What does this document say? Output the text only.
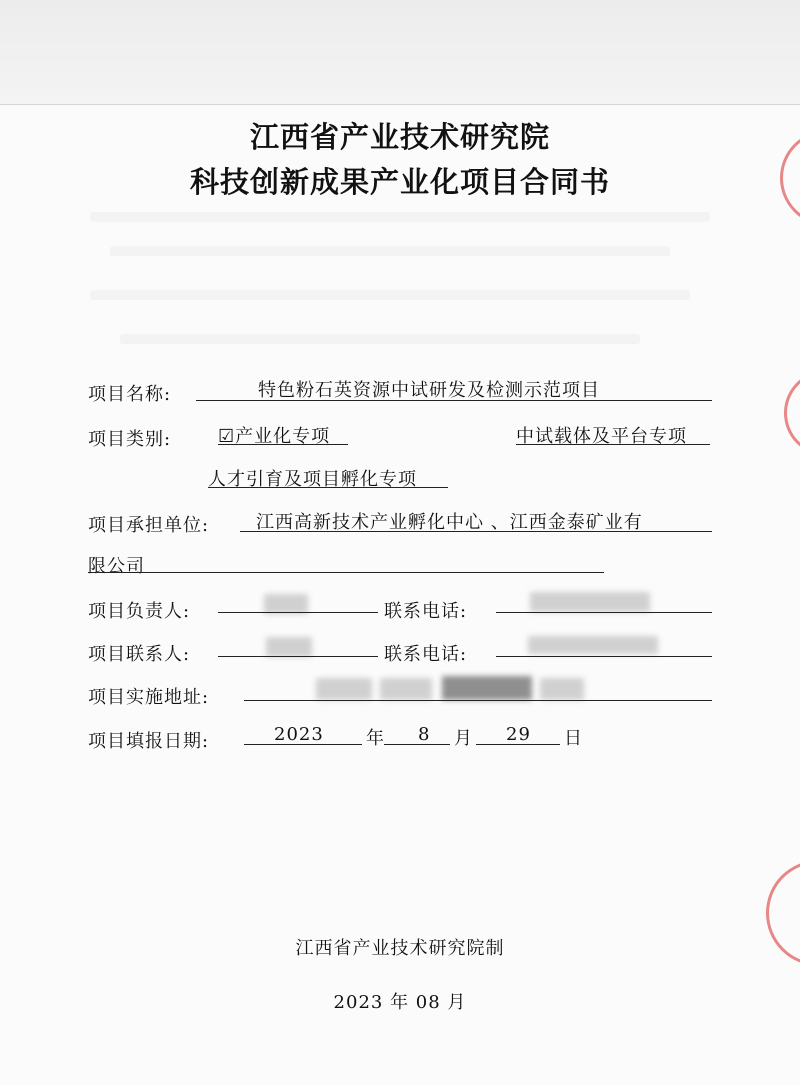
江西省产业技术研究院
科技创新成果产业化项目合同书
项目名称:	特色粉石英资源中试研发及检测示范项目
项目类别:	☑产业化专项	中试载体及平台专项
人才引育及项目孵化专项
项目承担单位:	江西高新技术产业孵化中心 、江西金泰矿业有
限公司
项目负责人:	联系电话:
项目联系人:	联系电话:
项目实施地址:
项目填报日期:	2023 年 8 月 29 日
江西省产业技术研究院制
2023 年 08 月
